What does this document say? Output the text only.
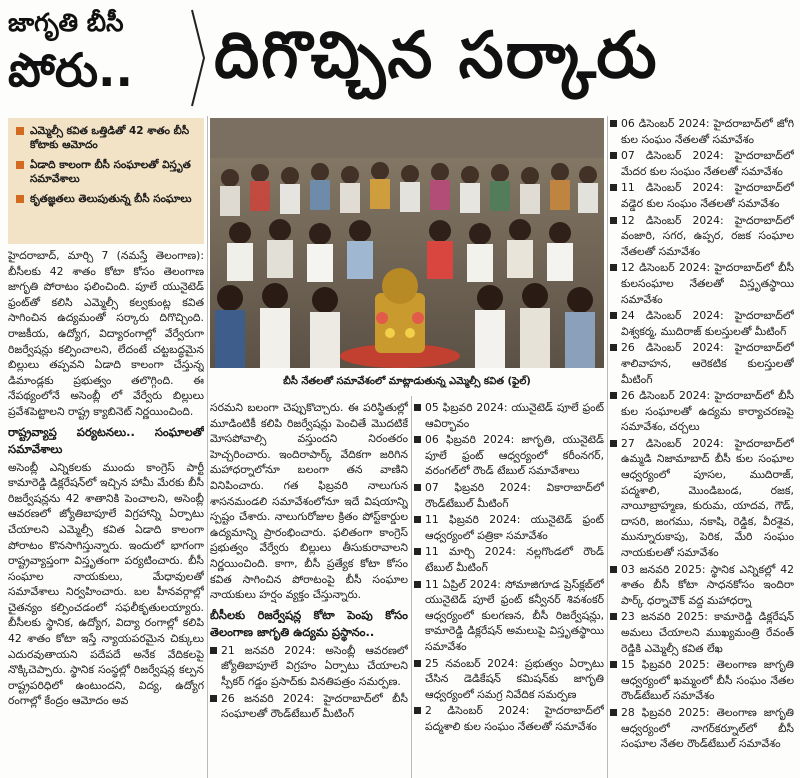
జాగృతి బీసీ
పోరు..	దిగొచ్చిన సర్కారు
ఎమ్మెల్సీ కవిత ఒత్తిడితో 42 శాతం బీసీ కోటాకు ఆమోదం
ఏడాది కాలంగా బీసీ సంఘాలతో విస్తృత సమావేశాలు
కృతజ్ఞతలు తెలుపుతున్న బీసీ సంఘాలు
బీసీ నేతలతో సమావేశంలో మాట్లాడుతున్న ఎమ్మెల్సీ కవిత (ఫైల్)

హైదరాబాద్, మార్చి 7 (నమస్తే తెలంగాణ): బీసీలకు 42 శాతం కోటా కోసం తెలంగాణ జాగృతి పోరాటం ఫలించింది. పూలే యునైటెడ్ ఫ్రంట్‌తో కలిసి ఎమ్మెల్సీ కల్వకుంట్ల కవిత సాగించిన ఉద్యమంతో సర్కారు దిగొచ్చింది. రాజకీయ, ఉద్యోగ, విద్యారంగాల్లో వేర్వేరుగా రిజర్వేషన్లు కల్పించాలని, లేదంటే చట్టబద్ధమైన బిల్లులు తప్పవని ఏడాది కాలంగా చేస్తున్న డిమాండ్లకు ప్రభుత్వం తలొగ్గింది. ఈ నేపథ్యంలోనే అసెంబ్లీ లో వేర్వేరు బిల్లులు ప్రవేశపెట్టాలని రాష్ట్ర క్యాబినెట్ నిర్ణయించింది.

రాష్ట్రవ్యాప్త పర్యటనలు.. సంఘాలతో సమావేశాలు

అసెంబ్లీ ఎన్నికలకు ముందు కాంగ్రెస్ పార్టీ కామారెడ్డి డిక్లరేషన్‌లో ఇచ్చిన హామీ మేరకు బీసీ రిజర్వేషన్లను 42 శాతానికి పెంచాలని, అసెంబ్లీ ఆవరణలో జ్యోతిబాపూలే విగ్రహాన్ని ఏర్పాటు చేయాలని ఎమ్మెల్సీ కవిత ఏడాది కాలంగా పోరాటం కొనసాగిస్తున్నారు. ఇందులో భాగంగా రాష్ట్రవ్యాప్తంగా విస్తృతంగా పర్యటించారు. బీసీ సంఘాల నాయకులు, మేధావులతో సమావేశాలు నిర్వహించారు. బల హీనవర్గాల్లో చైతన్యం కల్పించడంలో సఫలీకృతులయ్యారు. బీసీలకు స్థానిక, ఉద్యోగ, విద్యా రంగాల్లో కలిపి 42 శాతం కోటా ఇస్తే న్యాయపరమైన చిక్కులు ఎదురవుతాయని పదేపదే అనేక వేదికలపై నొక్కిచెప్పారు. స్థానిక సంస్థల్లో రిజర్వేషన్ల కల్పన రాష్ట్రపరిధిలో ఉంటుందని, విద్య, ఉద్యోగ రంగాల్లో కేంద్రం ఆమోదం అవ

సరమని బలంగా చెప్పుకొచ్చారు. ఈ పరిస్థితుల్లో మూడింటికీ కలిపి రిజర్వేషన్లు పెంచితే మొదటికే మోసపోవాల్సి వస్తుందని నిరంతరం హెచ్చరించారు. ఇందిరాపార్క్ వేదికగా జరిగిన మహాధర్నాలోనూ బలంగా తన వాణిని వినిపించారు. గత ఫిబ్రవరి నాలుగున శాసనమండలి సమావేశంలోనూ ఇదే విషయాన్ని స్పష్టం చేశారు. నాలుగురోజుల క్రితం పోస్ట్‌కార్డుల ఉద్యమాన్ని ప్రారంభించారు. ఫలితంగా కాంగ్రెస్ ప్రభుత్వం వేర్వేరు బిల్లులు తీసుకురావాలని నిర్ణయించింది. కాగా, బీసీ ప్రత్యేక కోటా కోసం కవిత సాగించిన పోరాటంపై బీసీ సంఘాల నాయకులు హర్షం వ్యక్తం చేస్తున్నారు.

బీసీలకు రిజర్వేషన్ల కోటా పెంపు కోసం తెలంగాణ జాగృతి ఉద్యమ ప్రస్థానం..
21 జనవరి 2024: అసెంబ్లీ ఆవరణలో జ్యోతిబాపూలే విగ్రహం ఏర్పాటు చేయాలని స్పీకర్ గడ్డం ప్రసాద్‌కు వినతిపత్రం సమర్పణ.
26 జనవరి 2024: హైదరాబాద్‌లో బీసీ సంఘాలతో రౌండ్‌టేబుల్ మీటింగ్
05 ఫిబ్రవరి 2024: యునైటెడ్ పూలే ఫ్రంట్ ఆవిర్భావం
06 ఫిబ్రవరి 2024: జాగృతి, యునైటెడ్ పూలే ఫ్రంట్ ఆధ్వర్యంలో కరీంనగర్, వరంగల్‌లో రౌండ్ టేబుల్ సమావేశాలు
07 ఫిబ్రవరి 2024: వికారాబాద్‌లో రౌండ్‌టేబుల్ మీటింగ్
11 ఫిబ్రవరి 2024: యునైటెడ్ ఫ్రంట్ ఆధ్వర్యంలో పత్రికా సమావేశం
11 మార్చి 2024: నల్లగొండలో రౌండ్ టేబుల్ మీటింగ్
11 ఏప్రిల్ 2024: సోమాజిగూడ ప్రెస్‌క్లబ్‌లో యునైటెడ్ పూలే ఫ్రంట్ కన్వీనర్ శివశంకర్ ఆధ్వర్యంలో కులగణన, బీసీ రిజర్వేషన్లు, కామారెడ్డి డిక్లరేషన్ అమలుపై విస్తృతస్థాయి సమావేశం
25 నవంబర్ 2024: ప్రభుత్వం ఏర్పాటు చేసిన డెడికేషన్ కమిషన్‌కు జాగృతి ఆధ్వర్యంలో సమగ్ర నివేదిక సమర్పణ
2 డిసెంబర్ 2024: హైదరాబాద్‌లో పద్మశాలి కుల సంఘం నేతలతో సమావేశం
06 డిసెంబర్ 2024: హైదరాబాద్‌లో జోగి కుల సంఘం నేతలతో సమావేశం
07 డిసెంబర్ 2024: హైదరాబాద్‌లో మేదర కుల సంఘం నేతలతో సమావేశం
11 డిసెంబర్ 2024: హైదరాబాద్‌లో వడ్డెర కుల సంఘం నేతలతో సమావేశం
12 డిసెంబర్ 2024: హైదరాబాద్‌లో వంజారి, సగర, ఉప్పర, రజక సంఘాల నేతలతో సమావేశం
12 డిసెంబర్ 2024: హైదరాబాద్‌లో బీసీ కులసంఘాల నేతలతో విస్తృతస్థాయి సమావేశం
24 డిసెంబర్ 2024: హైదరాబాద్‌లో విశ్వకర్మ, ముదిరాజ్ కులస్తులతో మీటింగ్
26 డిసెంబర్ 2024: హైదరాబాద్‌లో శాలివాహన, ఆరెకటిక కులస్తులతో మీటింగ్
26 డిసెంబర్ 2024: హైదరాబాద్‌లో బీసీ కుల సంఘాలతో ఉద్యమ కార్యాచరణపై సమావేశం, చర్చలు
27 డిసెంబర్ 2024: హైదరాబాద్‌లో ఉమ్మడి నిజామాబాద్ బీసీ కుల సంఘాల ఆధ్వర్యంలో పూసల, ముదిరాజ్, పద్మశాలి, మొండిబండ, రజక, నాయీబ్రాహ్మణ, కురుమ, యాదవ, గౌడ్, దాసరి, జంగము, నకాషి, రెడ్డిక, వీరశైవ, మున్నూరుకాపు, పెరిక, మేరి సంఘం నాయకులతో సమావేశం
03 జనవరి 2025: స్థానిక ఎన్నికల్లో 42 శాతం బీసీ కోటా సాధనకోసం ఇందిరా పార్క్ ధర్నాచౌక్ వద్ద మహాధర్నా
23 జనవరి 2025: కామారెడ్డి డిక్లరేషన్ అమలు చేయాలని ముఖ్యమంత్రి రేవంత్ రెడ్డికి ఎమ్మెల్సీ కవిత లేఖ
15 ఫిబ్రవరి 2025: తెలంగాణ జాగృతి ఆధ్వర్యంలో ఖమ్మంలో బీసీ సంఘం నేతల రౌండ్‌టేబుల్ సమావేశం
28 ఫిబ్రవరి 2025: తెలంగాణ జాగృతి ఆధ్వర్యంలో నాగర్‌కర్నూల్‌లో బీసీ సంఘాల నేతల రౌండ్‌టేబుల్ సమావేశం
